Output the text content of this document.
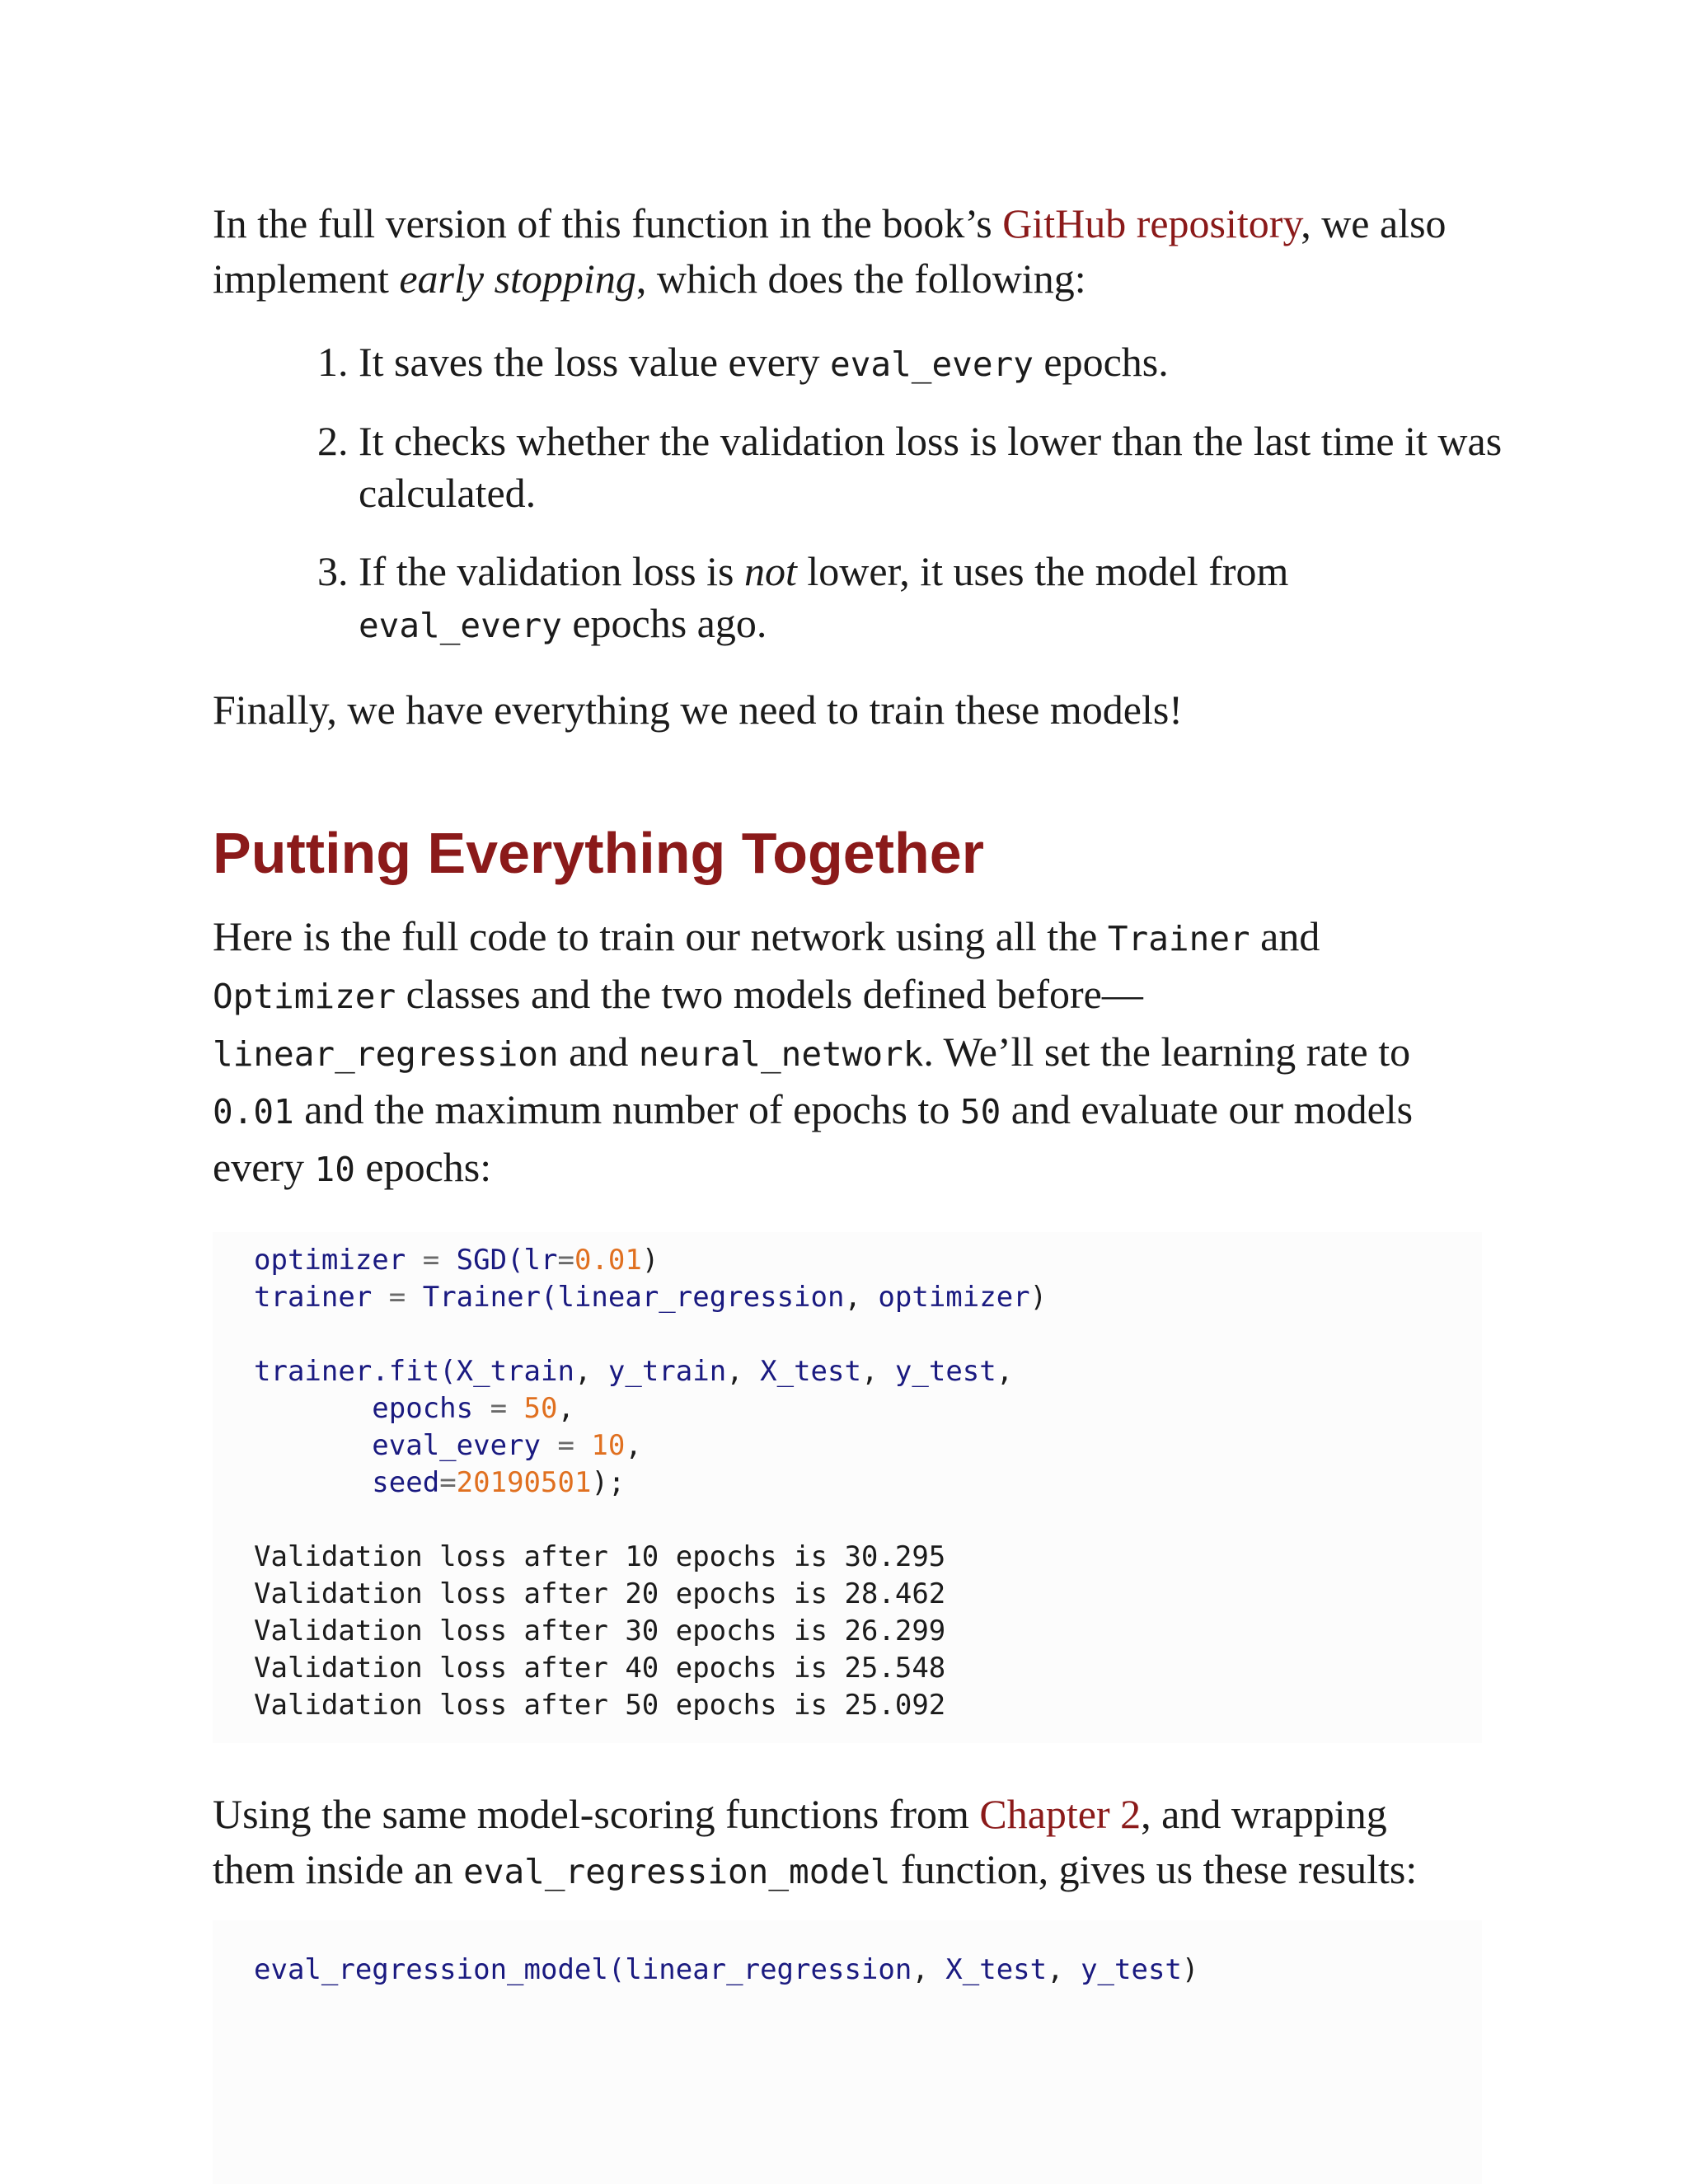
In the full version of this function in the book’s GitHub repository, we also implement early stopping, which does the following:

1. It saves the loss value every eval_every epochs.
2. It checks whether the validation loss is lower than the last time it was calculated.
3. If the validation loss is not lower, it uses the model from
eval_every epochs ago.

Finally, we have everything we need to train these models!

Putting Everything Together
Here is the full code to train our network using all the Trainer and
Optimizer classes and the two models defined before—
linear_regression and neural_network. We’ll set the learning rate to
0.01 and the maximum number of epochs to 50 and evaluate our models
every 10 epochs:
optimizer = SGD(lr=0.01)
trainer = Trainer(linear_regression, optimizer)

trainer.fit(X_train, y_train, X_test, y_test,
epochs = 50,
eval_every = 10,
seed=20190501);

Validation loss after 10 epochs is 30.295
Validation loss after 20 epochs is 28.462
Validation loss after 30 epochs is 26.299
Validation loss after 40 epochs is 25.548
Validation loss after 50 epochs is 25.092
Using the same model-scoring functions from Chapter 2, and wrapping
them inside an eval_regression_model function, gives us these results:
eval_regression_model(linear_regression, X_test, y_test)
